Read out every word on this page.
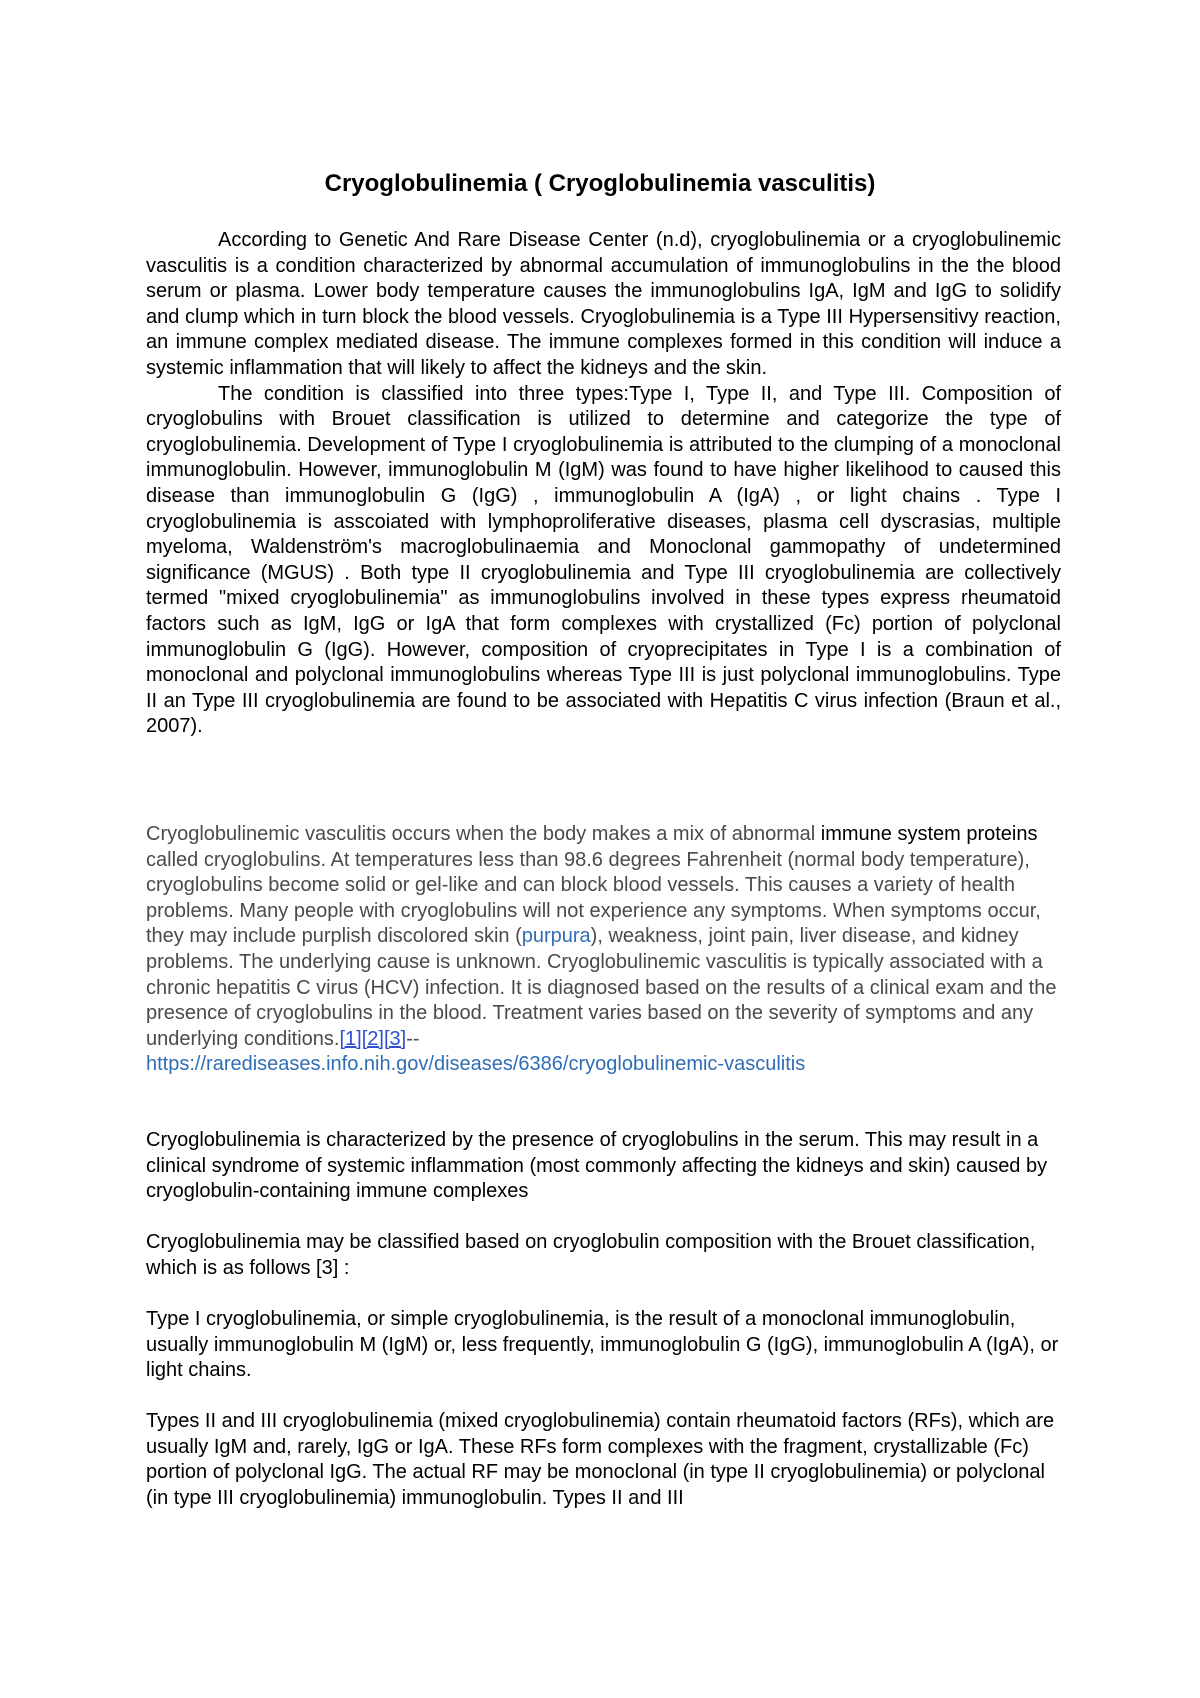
Cryoglobulinemia ( Cryoglobulinemia vasculitis)

According to Genetic And Rare Disease Center (n.d), cryoglobulinemia or a cryoglobulinemic vasculitis is a condition characterized by abnormal accumulation of immunoglobulins in the the blood serum or plasma. Lower body temperature causes the immunoglobulins IgA, IgM and IgG to solidify and clump which in turn block the blood vessels. Cryoglobulinemia is a Type III Hypersensitivy reaction, an immune complex mediated disease. The immune complexes formed in this condition will induce a systemic inflammation that will likely to affect the kidneys and the skin.

The condition is classified into three types:Type I, Type II, and Type III. Composition of cryoglobulins with Brouet classification is utilized to determine and categorize the type of cryoglobulinemia. Development of Type I cryoglobulinemia is attributed to the clumping of a monoclonal immunoglobulin. However, immunoglobulin M (IgM) was found to have higher likelihood to caused this disease than immunoglobulin G (IgG) , immunoglobulin A (IgA) , or light chains . Type I cryoglobulinemia is asscoiated with lymphoproliferative diseases, plasma cell dyscrasias, multiple myeloma, Waldenström's macroglobulinaemia and Monoclonal gammopathy of undetermined significance (MGUS) . Both type II cryoglobulinemia and Type III cryoglobulinemia are collectively termed "mixed cryoglobulinemia" as immunoglobulins involved in these types express rheumatoid factors such as IgM, IgG or IgA that form complexes with crystallized (Fc) portion of polyclonal immunoglobulin G (IgG). However, composition of cryoprecipitates in Type I is a combination of monoclonal and polyclonal immunoglobulins whereas Type III is just polyclonal immunoglobulins. Type II an Type III cryoglobulinemia are found to be associated with Hepatitis C virus infection (Braun et al., 2007).

Cryoglobulinemic vasculitis occurs when the body makes a mix of abnormal immune system proteins called cryoglobulins. At temperatures less than 98.6 degrees Fahrenheit (normal body temperature), cryoglobulins become solid or gel-like and can block blood vessels. This causes a variety of health problems. Many people with cryoglobulins will not experience any symptoms. When symptoms occur, they may include purplish discolored skin (purpura), weakness, joint pain, liver disease, and kidney problems. The underlying cause is unknown. Cryoglobulinemic vasculitis is typically associated with a chronic hepatitis C virus (HCV) infection. It is diagnosed based on the results of a clinical exam and the presence of cryoglobulins in the blood. Treatment varies based on the severity of symptoms and any underlying conditions.[1][2][3]--
https://rarediseases.info.nih.gov/diseases/6386/cryoglobulinemic-vasculitis

Cryoglobulinemia is characterized by the presence of cryoglobulins in the serum. This may result in a clinical syndrome of systemic inflammation (most commonly affecting the kidneys and skin) caused by cryoglobulin-containing immune complexes
Cryoglobulinemia may be classified based on cryoglobulin composition with the Brouet classification, which is as follows [3] :
Type I cryoglobulinemia, or simple cryoglobulinemia, is the result of a monoclonal immunoglobulin, usually immunoglobulin M (IgM) or, less frequently, immunoglobulin G (IgG), immunoglobulin A (IgA), or light chains.
Types II and III cryoglobulinemia (mixed cryoglobulinemia) contain rheumatoid factors (RFs), which are usually IgM and, rarely, IgG or IgA. These RFs form complexes with the fragment, crystallizable (Fc) portion of polyclonal IgG. The actual RF may be monoclonal (in type II cryoglobulinemia) or polyclonal (in type III cryoglobulinemia) immunoglobulin. Types II and III
